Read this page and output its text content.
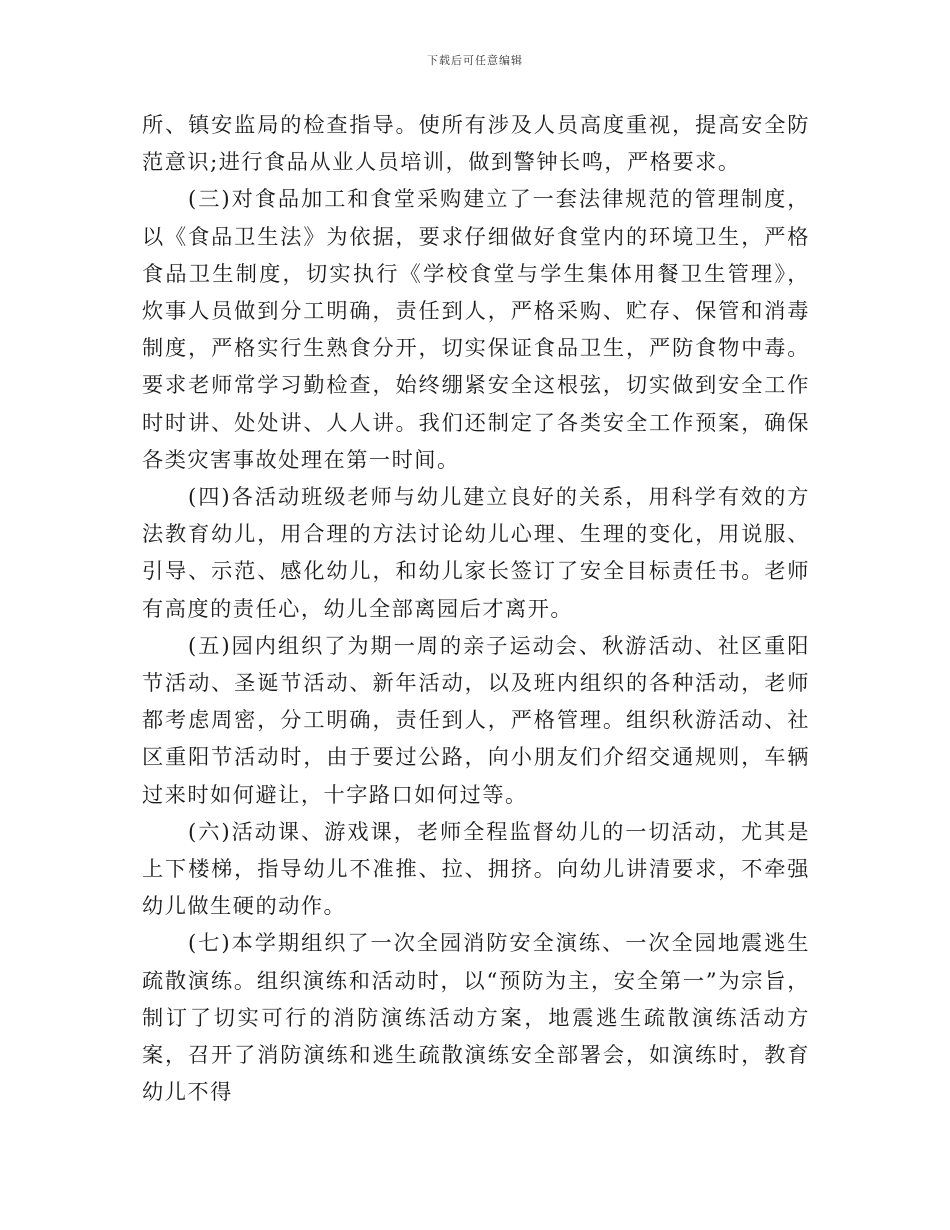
下载后可任意编辑

所、镇安监局的检查指导。使所有涉及人员高度重视，提高安全防范意识;进行食品从业人员培训，做到警钟长鸣，严格要求。

(三)对食品加工和食堂采购建立了一套法律规范的管理制度，以《食品卫生法》为依据，要求仔细做好食堂内的环境卫生，严格食品卫生制度，切实执行《学校食堂与学生集体用餐卫生管理》，炊事人员做到分工明确，责任到人，严格采购、贮存、保管和消毒制度，严格实行生熟食分开，切实保证食品卫生，严防食物中毒。要求老师常学习勤检查，始终绷紧安全这根弦，切实做到安全工作时时讲、处处讲、人人讲。我们还制定了各类安全工作预案，确保各类灾害事故处理在第一时间。

(四)各活动班级老师与幼儿建立良好的关系，用科学有效的方法教育幼儿，用合理的方法讨论幼儿心理、生理的变化，用说服、引导、示范、感化幼儿，和幼儿家长签订了安全目标责任书。老师有高度的责任心，幼儿全部离园后才离开。

(五)园内组织了为期一周的亲子运动会、秋游活动、社区重阳节活动、圣诞节活动、新年活动，以及班内组织的各种活动，老师都考虑周密，分工明确，责任到人，严格管理。组织秋游活动、社区重阳节活动时，由于要过公路，向小朋友们介绍交通规则，车辆过来时如何避让，十字路口如何过等。

(六)活动课、游戏课，老师全程监督幼儿的一切活动，尤其是上下楼梯，指导幼儿不准推、拉、拥挤。向幼儿讲清要求，不牵强幼儿做生硬的动作。

(七)本学期组织了一次全园消防安全演练、一次全园地震逃生疏散演练。组织演练和活动时，以“预防为主，安全第一”为宗旨，制订了切实可行的消防演练活动方案，地震逃生疏散演练活动方案，召开了消防演练和逃生疏散演练安全部署会，如演练时，教育幼儿不得
